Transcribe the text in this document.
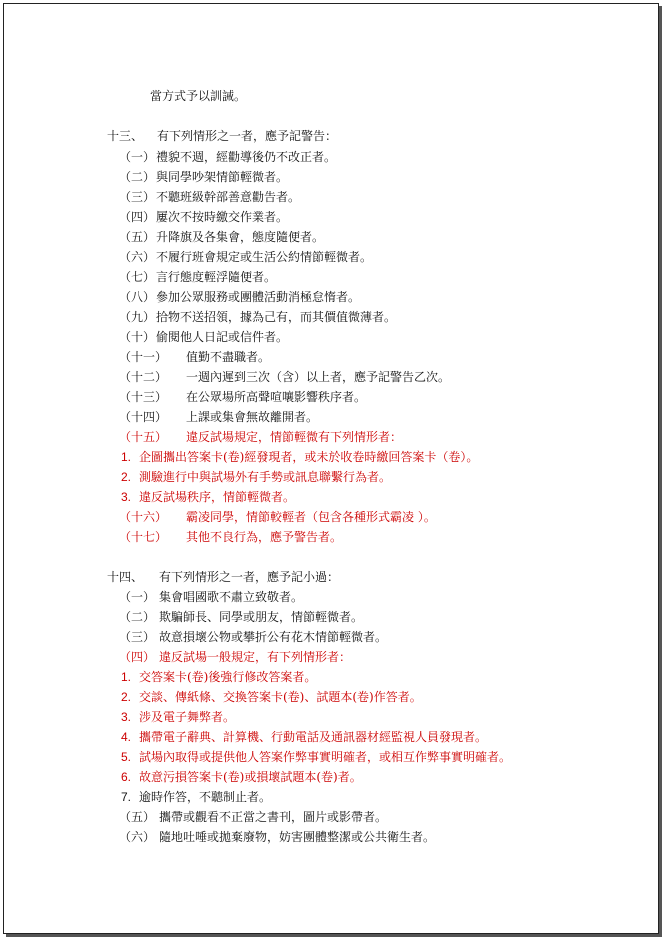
當方式予以訓誡。
十三、 有下列情形之一者，應予記警告：
（一） 禮貌不週，經勸導後仍不改正者。
（二） 與同學吵架情節輕微者。
（三） 不聽班級幹部善意勸告者。
（四） 屢次不按時繳交作業者。
（五） 升降旗及各集會，態度隨便者。
（六） 不履行班會規定或生活公約情節輕微者。
（七） 言行態度輕浮隨便者。
（八） 參加公眾服務或團體活動消極怠惰者。
（九） 拾物不送招領，據為己有，而其價值微薄者。
（十） 偷閱他人日記或信件者。
（十一） 值勤不盡職者。
（十二） 一週內遲到三次（含）以上者，應予記警告乙次。
（十三） 在公眾場所高聲喧嚷影響秩序者。
（十四） 上課或集會無故離開者。
（十五） 違反試場規定，情節輕微有下列情形者：
1. 企圖攜出答案卡(卷)經發現者，或未於收卷時繳回答案卡（卷）。
2. 測驗進行中與試場外有手勢或訊息聯繫行為者。
3. 違反試場秩序，情節輕微者。
（十六） 霸凌同學，情節較輕者（包含各種形式霸凌 ）。
（十七） 其他不良行為，應予警告者。
十四、 有下列情形之一者，應予記小過：
（一） 集會唱國歌不肅立致敬者。
（二） 欺騙師長、同學或朋友，情節輕微者。
（三） 故意損壞公物或攀折公有花木情節輕微者。
（四） 違反試場一般規定，有下列情形者：
1. 交答案卡(卷)後強行修改答案者。
2. 交談、傳紙條、交換答案卡(卷)、試題本(卷)作答者。
3. 涉及電子舞弊者。
4. 攜帶電子辭典、計算機、行動電話及通訊器材經監視人員發現者。
5. 試場內取得或提供他人答案作弊事實明確者，或相互作弊事實明確者。
6. 故意污損答案卡(卷)或損壞試題本(卷)者。
7. 逾時作答，不聽制止者。
（五） 攜帶或觀看不正當之書刊，圖片或影帶者。
（六） 隨地吐唾或拋棄廢物，妨害團體整潔或公共衛生者。
